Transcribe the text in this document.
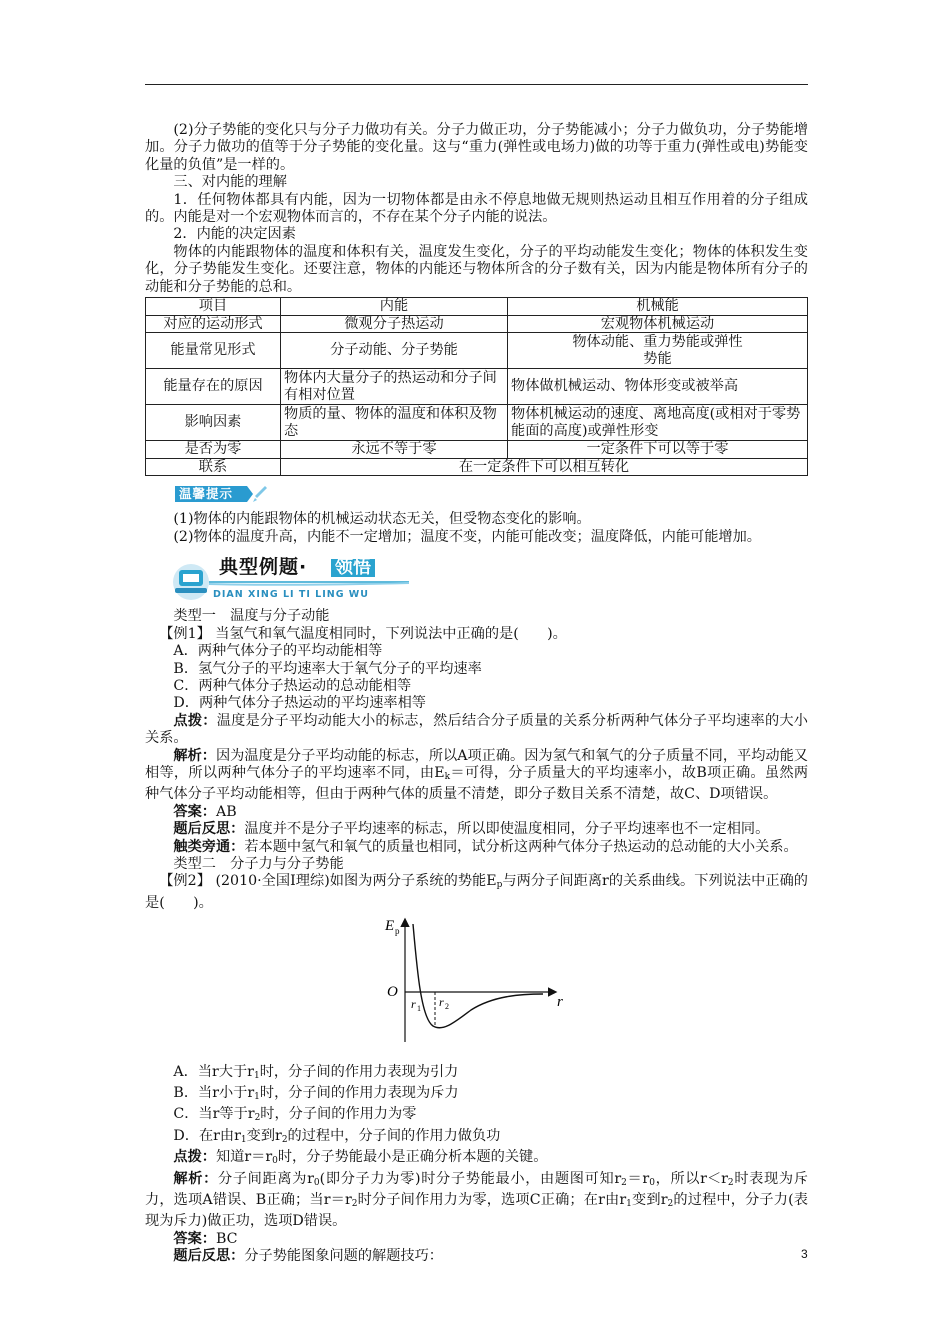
(2)分子势能的变化只与分子力做功有关。分子力做正功，分子势能减小；分子力做负功，分子势能增加。分子力做功的值等于分子势能的变化量。这与“重力(弹性或电场力)做的功等于重力(弹性或电)势能变化量的负值”是一样的。

三、对内能的理解

1．任何物体都具有内能，因为一切物体都是由永不停息地做无规则热运动且相互作用着的分子组成的。内能是对一个宏观物体而言的，不存在某个分子内能的说法。

2．内能的决定因素

物体的内能跟物体的温度和体积有关，温度发生变化，分子的平均动能发生变化；物体的体积发生变化，分子势能发生变化。还要注意，物体的内能还与物体所含的分子数有关，因为内能是物体所有分子的动能和分子势能的总和。

项目	内能	机械能
对应的运动形式	微观分子热运动	宏观物体机械运动
能量常见形式	分子动能、分子势能	物体动能、重力势能或弹性势能
能量存在的原因	物体内大量分子的热运动和分子间有相对位置	物体做机械运动、物体形变或被举高
影响因素	物质的量、物体的温度和体积及物态	物体机械运动的速度、离地高度(或相对于零势能面的高度)或弹性形变
是否为零	永远不等于零	一定条件下可以等于零
联系	在一定条件下可以相互转化	
温馨提示

(1)物体的内能跟物体的机械运动状态无关，但受物态变化的影响。

(2)物体的温度升高，内能不一定增加；温度不变，内能可能改变；温度降低，内能可能增加。

典型例题· 领悟
DIAN XING LI TI LING WU

类型一　温度与分子动能

【例1】 当氢气和氧气温度相同时，下列说法中正确的是(　　)。

A．两种气体分子的平均动能相等

B．氢气分子的平均速率大于氧气分子的平均速率

C．两种气体分子热运动的总动能相等

D．两种气体分子热运动的平均速率相等

点拨：温度是分子平均动能大小的标志，然后结合分子质量的关系分析两种气体分子平均速率的大小关系。

解析：因为温度是分子平均动能的标志，所以A项正确。因为氢气和氧气的分子质量不同，平均动能又相等，所以两种气体分子的平均速率不同，由$E_k=$可得，分子质量大的平均速率小，故B项正确。虽然两种气体分子平均动能相等，但由于两种气体的质量不清楚，即分子数目关系不清楚，故C、D项错误。

答案：AB

题后反思：温度并不是分子平均速率的标志，所以即使温度相同，分子平均速率也不一定相同。

触类旁通：若本题中氢气和氧气的质量也相同，试分析这两种气体分子热运动的总动能的大小关系。

类型二　分子力与分子势能

【例2】 (2010·全国Ⅰ理综)如图为两分子系统的势能$E_p$与两分子间距离r的关系曲线。下列说法中正确的是(　　)。

E p
O
r
r 1 r 2

A．当r大于$r_1$时，分子间的作用力表现为引力

B．当r小于$r_1$时，分子间的作用力表现为斥力

C．当r等于$r_2$时，分子间的作用力为零

D．在r由$r_1$变到$r_2$的过程中，分子间的作用力做负功

点拨：知道$r=r_0$时，分子势能最小是正确分析本题的关键。

解析：分子间距离为$r_0$(即分子力为零)时分子势能最小，由题图可知$r_2=r_0$，所以$r<r_2$时表现为斥力，选项A错误、B正确；当$r=r_2$时分子间作用力为零，选项C正确；在r由$r_1$变到$r_2$的过程中，分子力(表现为斥力)做正功，选项D错误。

答案：BC

题后反思：分子势能图象问题的解题技巧：	3
